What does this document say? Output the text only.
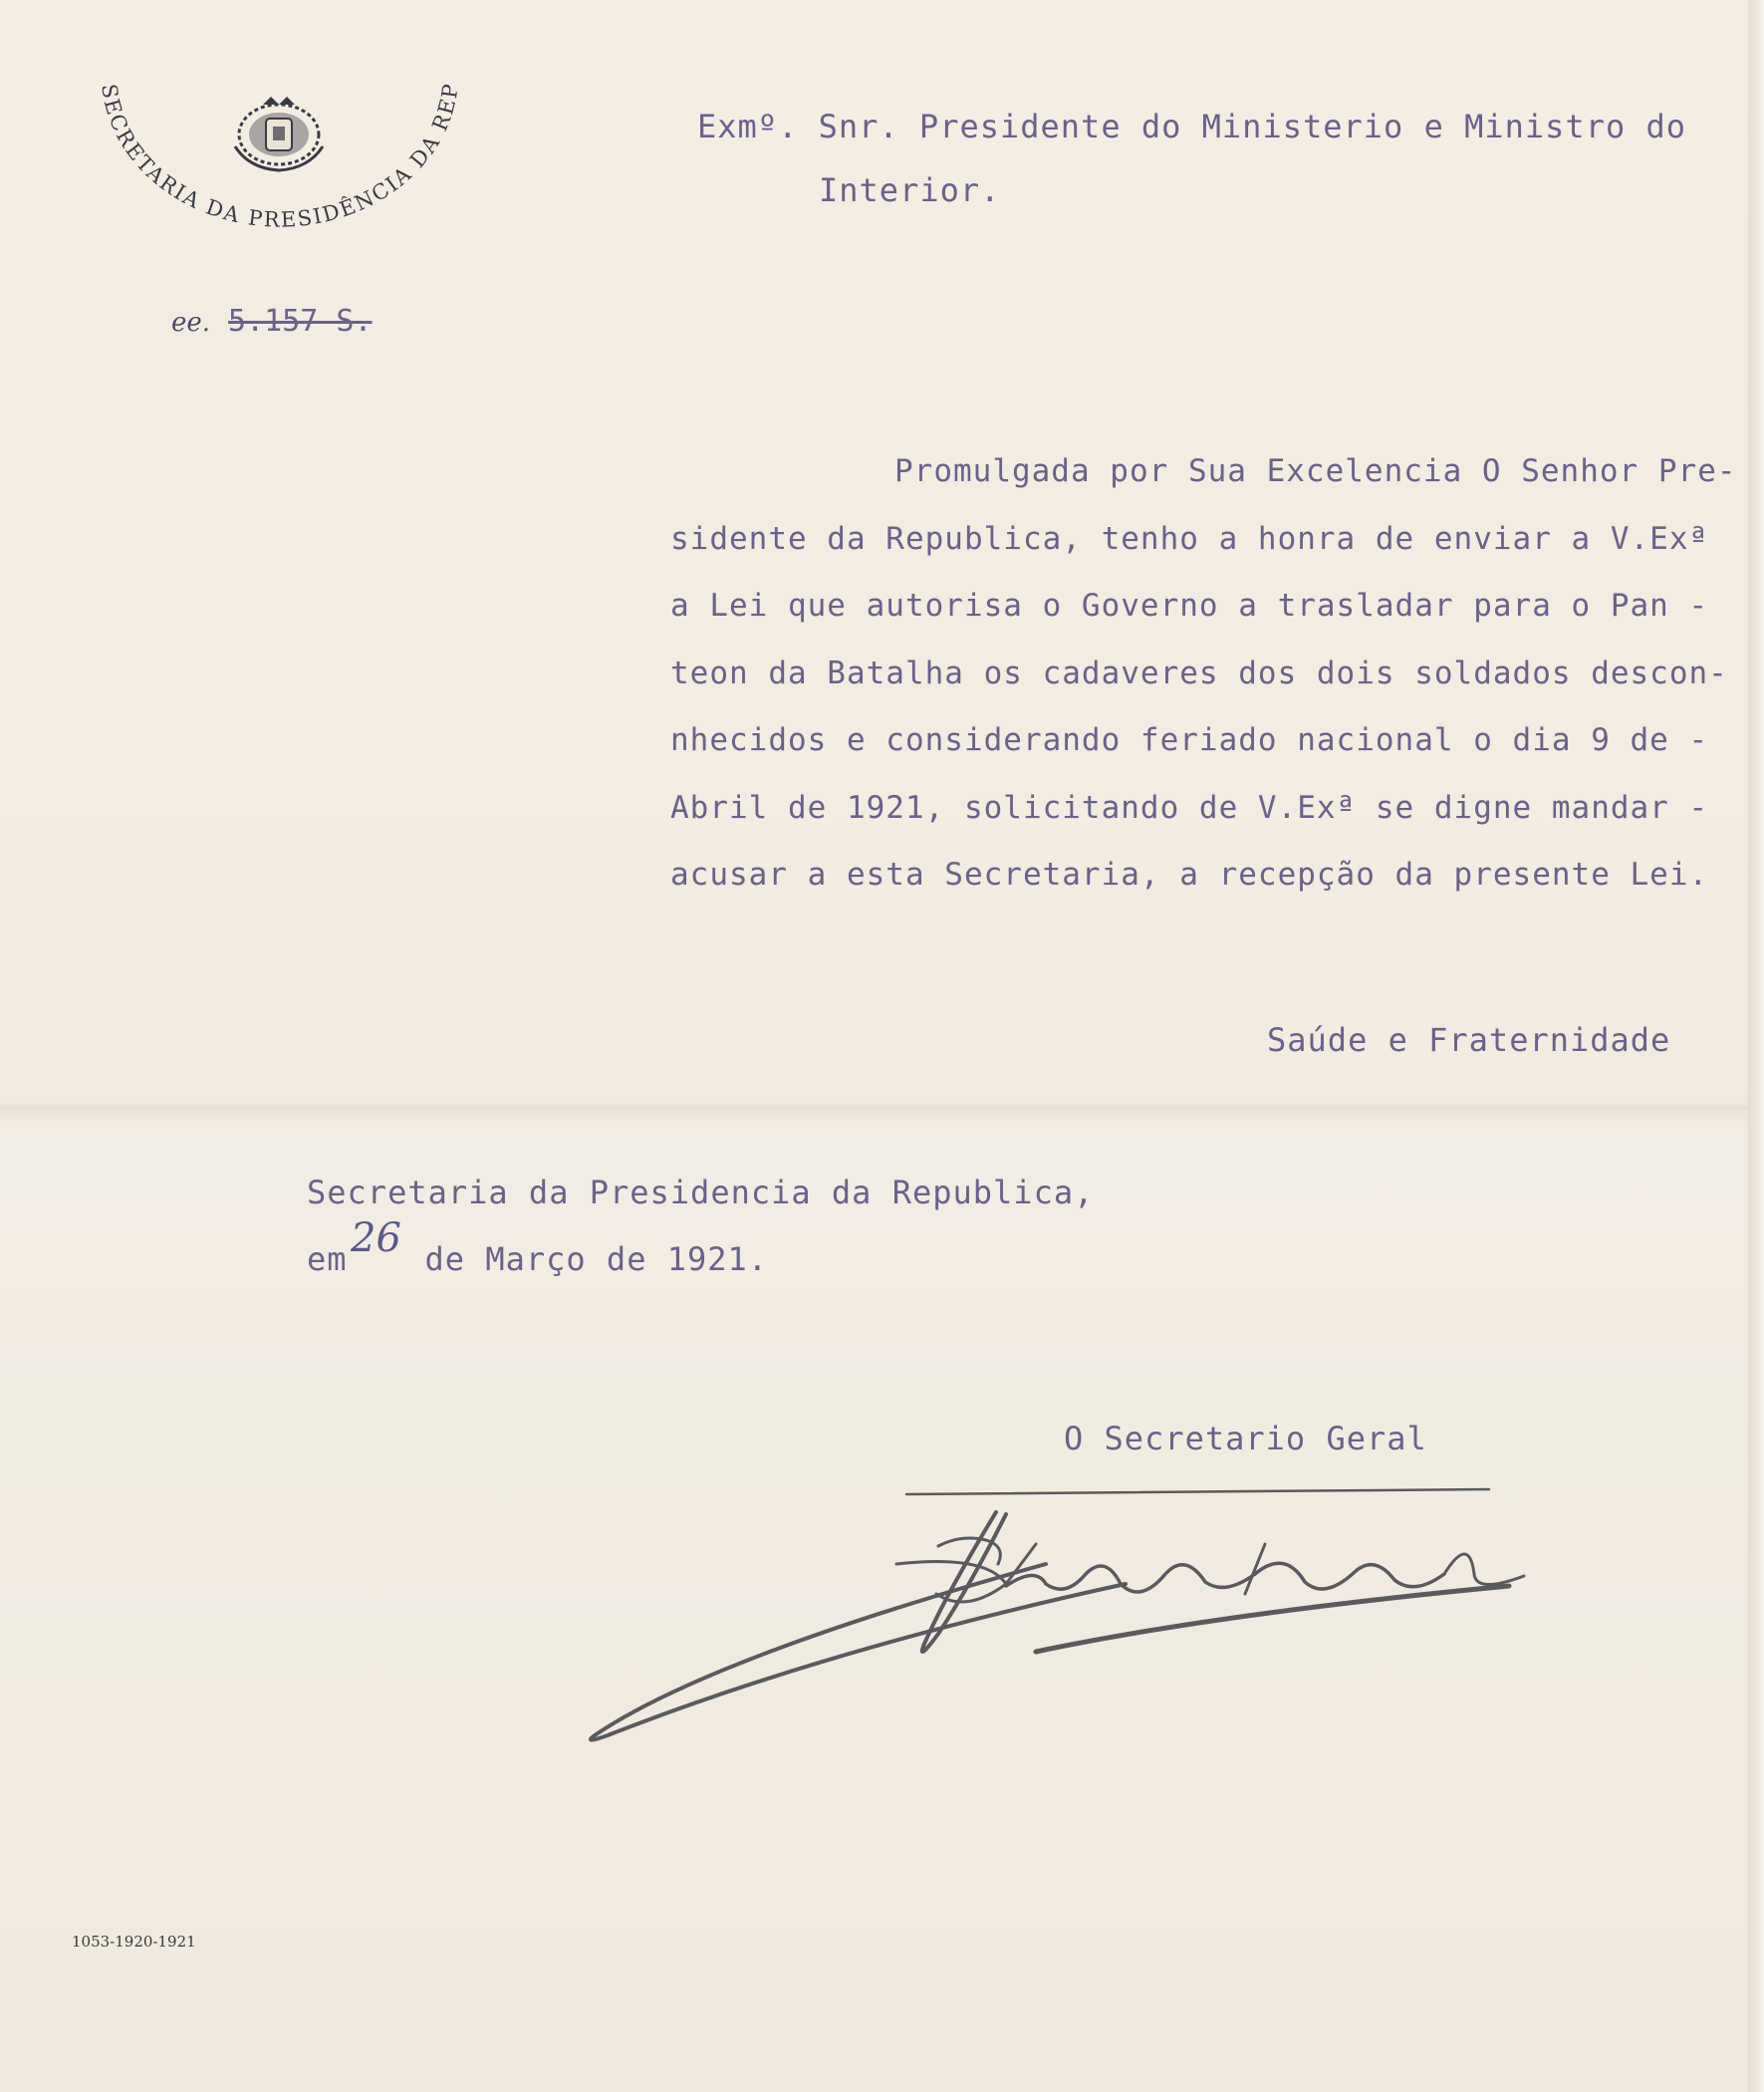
SECRETARIA DA PRESIDÊNCIA DA REP
ee. 5.157 S.
Exmº. Snr. Presidente do Ministerio e Ministro do
Interior.
Promulgada por Sua Excelencia O Senhor Pre-
sidente da Republica, tenho a honra de enviar a V.Exª
a Lei que autorisa o Governo a trasladar para o Pan -
teon da Batalha os cadaveres dos dois soldados descon-
nhecidos e considerando feriado nacional o dia 9 de -
Abril de 1921, solicitando de V.Exª se digne mandar -
acusar a esta Secretaria, a recepção da presente Lei.
Saúde e Fraternidade
Secretaria da Presidencia da Republica,
em de Março de 1921.
26
O Secretario Geral
1053-1920-1921
